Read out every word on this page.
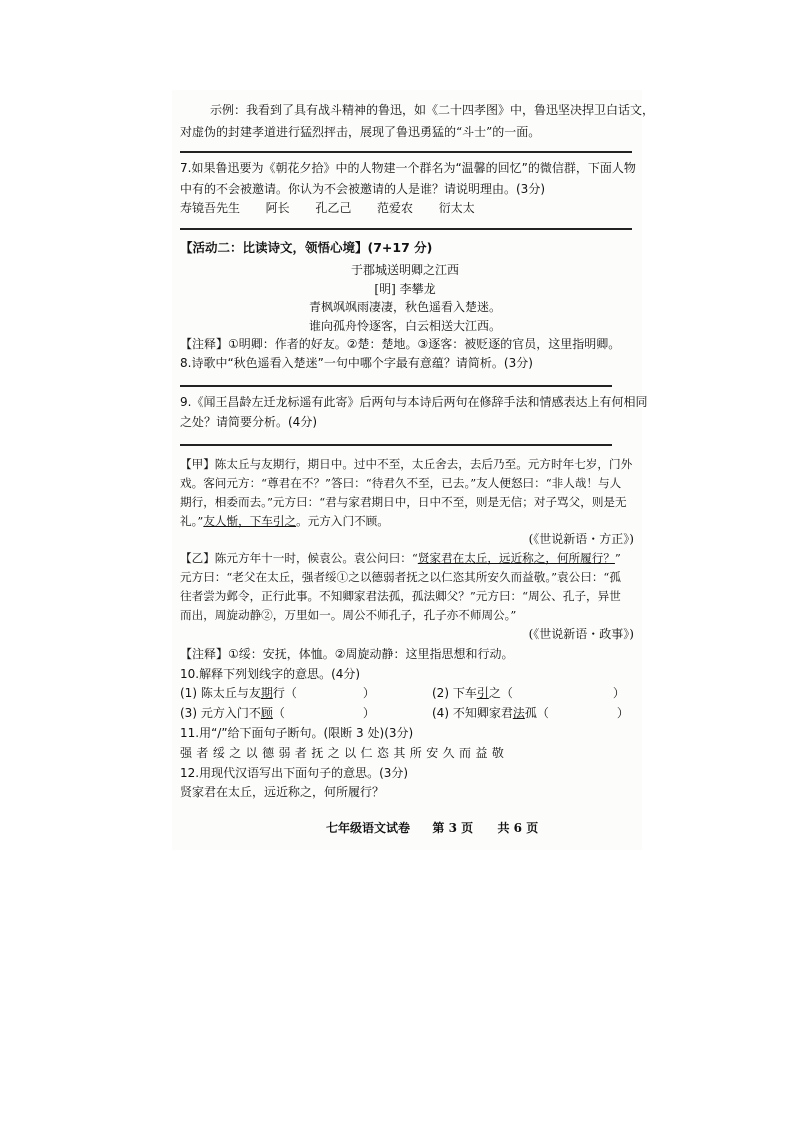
示例：我看到了具有战斗精神的鲁迅，如《二十四孝图》中，鲁迅坚决捍卫白话文，
对虚伪的封建孝道进行猛烈抨击，展现了鲁迅勇猛的“斗士”的一面。
7.如果鲁迅要为《朝花夕拾》中的人物建一个群名为“温馨的回忆”的微信群，下面人物
中有的不会被邀请。你认为不会被邀请的人是谁？请说明理由。(3分)
寿镜吾先生 阿长 孔乙己 范爱农 衍太太
【活动二：比读诗文，领悟心境】(7+17 分)
于郡城送明卿之江西
[明] 李攀龙
青枫飒飒雨凄凄，秋色遥看入楚迷。
谁向孤舟怜逐客，白云相送大江西。
【注释】①明卿：作者的好友。②楚：楚地。③逐客：被贬逐的官员，这里指明卿。
8.诗歌中“秋色遥看入楚迷”一句中哪个字最有意蕴？请简析。(3分)
9.《闻王昌龄左迁龙标遥有此寄》后两句与本诗后两句在修辞手法和情感表达上有何相同
之处？请简要分析。(4分)
【甲】陈太丘与友期行，期日中。过中不至，太丘舍去，去后乃至。元方时年七岁，门外
戏。客问元方：“尊君在不？”答曰：“待君久不至，已去。”友人便怒曰：“非人哉！与人
期行，相委而去。”元方曰：“君与家君期日中，日中不至，则是无信；对子骂父，则是无
礼。”友人惭，下车引之。元方入门不顾。
(《世说新语・方正》)
【乙】陈元方年十一时，候袁公。袁公问曰：“贤家君在太丘，远近称之，何所履行？”
元方曰：“老父在太丘，强者绥①之以德弱者抚之以仁恣其所安久而益敬。”袁公曰：“孤
往者尝为邺令，正行此事。不知卿家君法孤，孤法卿父？”元方曰：“周公、孔子，异世
而出，周旋动静②，万里如一。周公不师孔子，孔子亦不师周公。”
(《世说新语・政事》)
【注释】①绥：安抚，体恤。②周旋动静：这里指思想和行动。
10.解释下列划线字的意思。(4分)
(1) 陈太丘与友期行（	）	(2) 下车引之（	）
(3) 元方入门不顾（	）	(4) 不知卿家君法孤（	）
11.用“/”给下面句子断句。(限断 3 处)(3分)
强 者 绥 之 以 德 弱 者 抚 之 以 仁 恣 其 所 安 久 而 益 敬
12.用现代汉语写出下面句子的意思。(3分)
贤家君在太丘，远近称之，何所履行？
七年级语文试卷 第 3 页 共 6 页
